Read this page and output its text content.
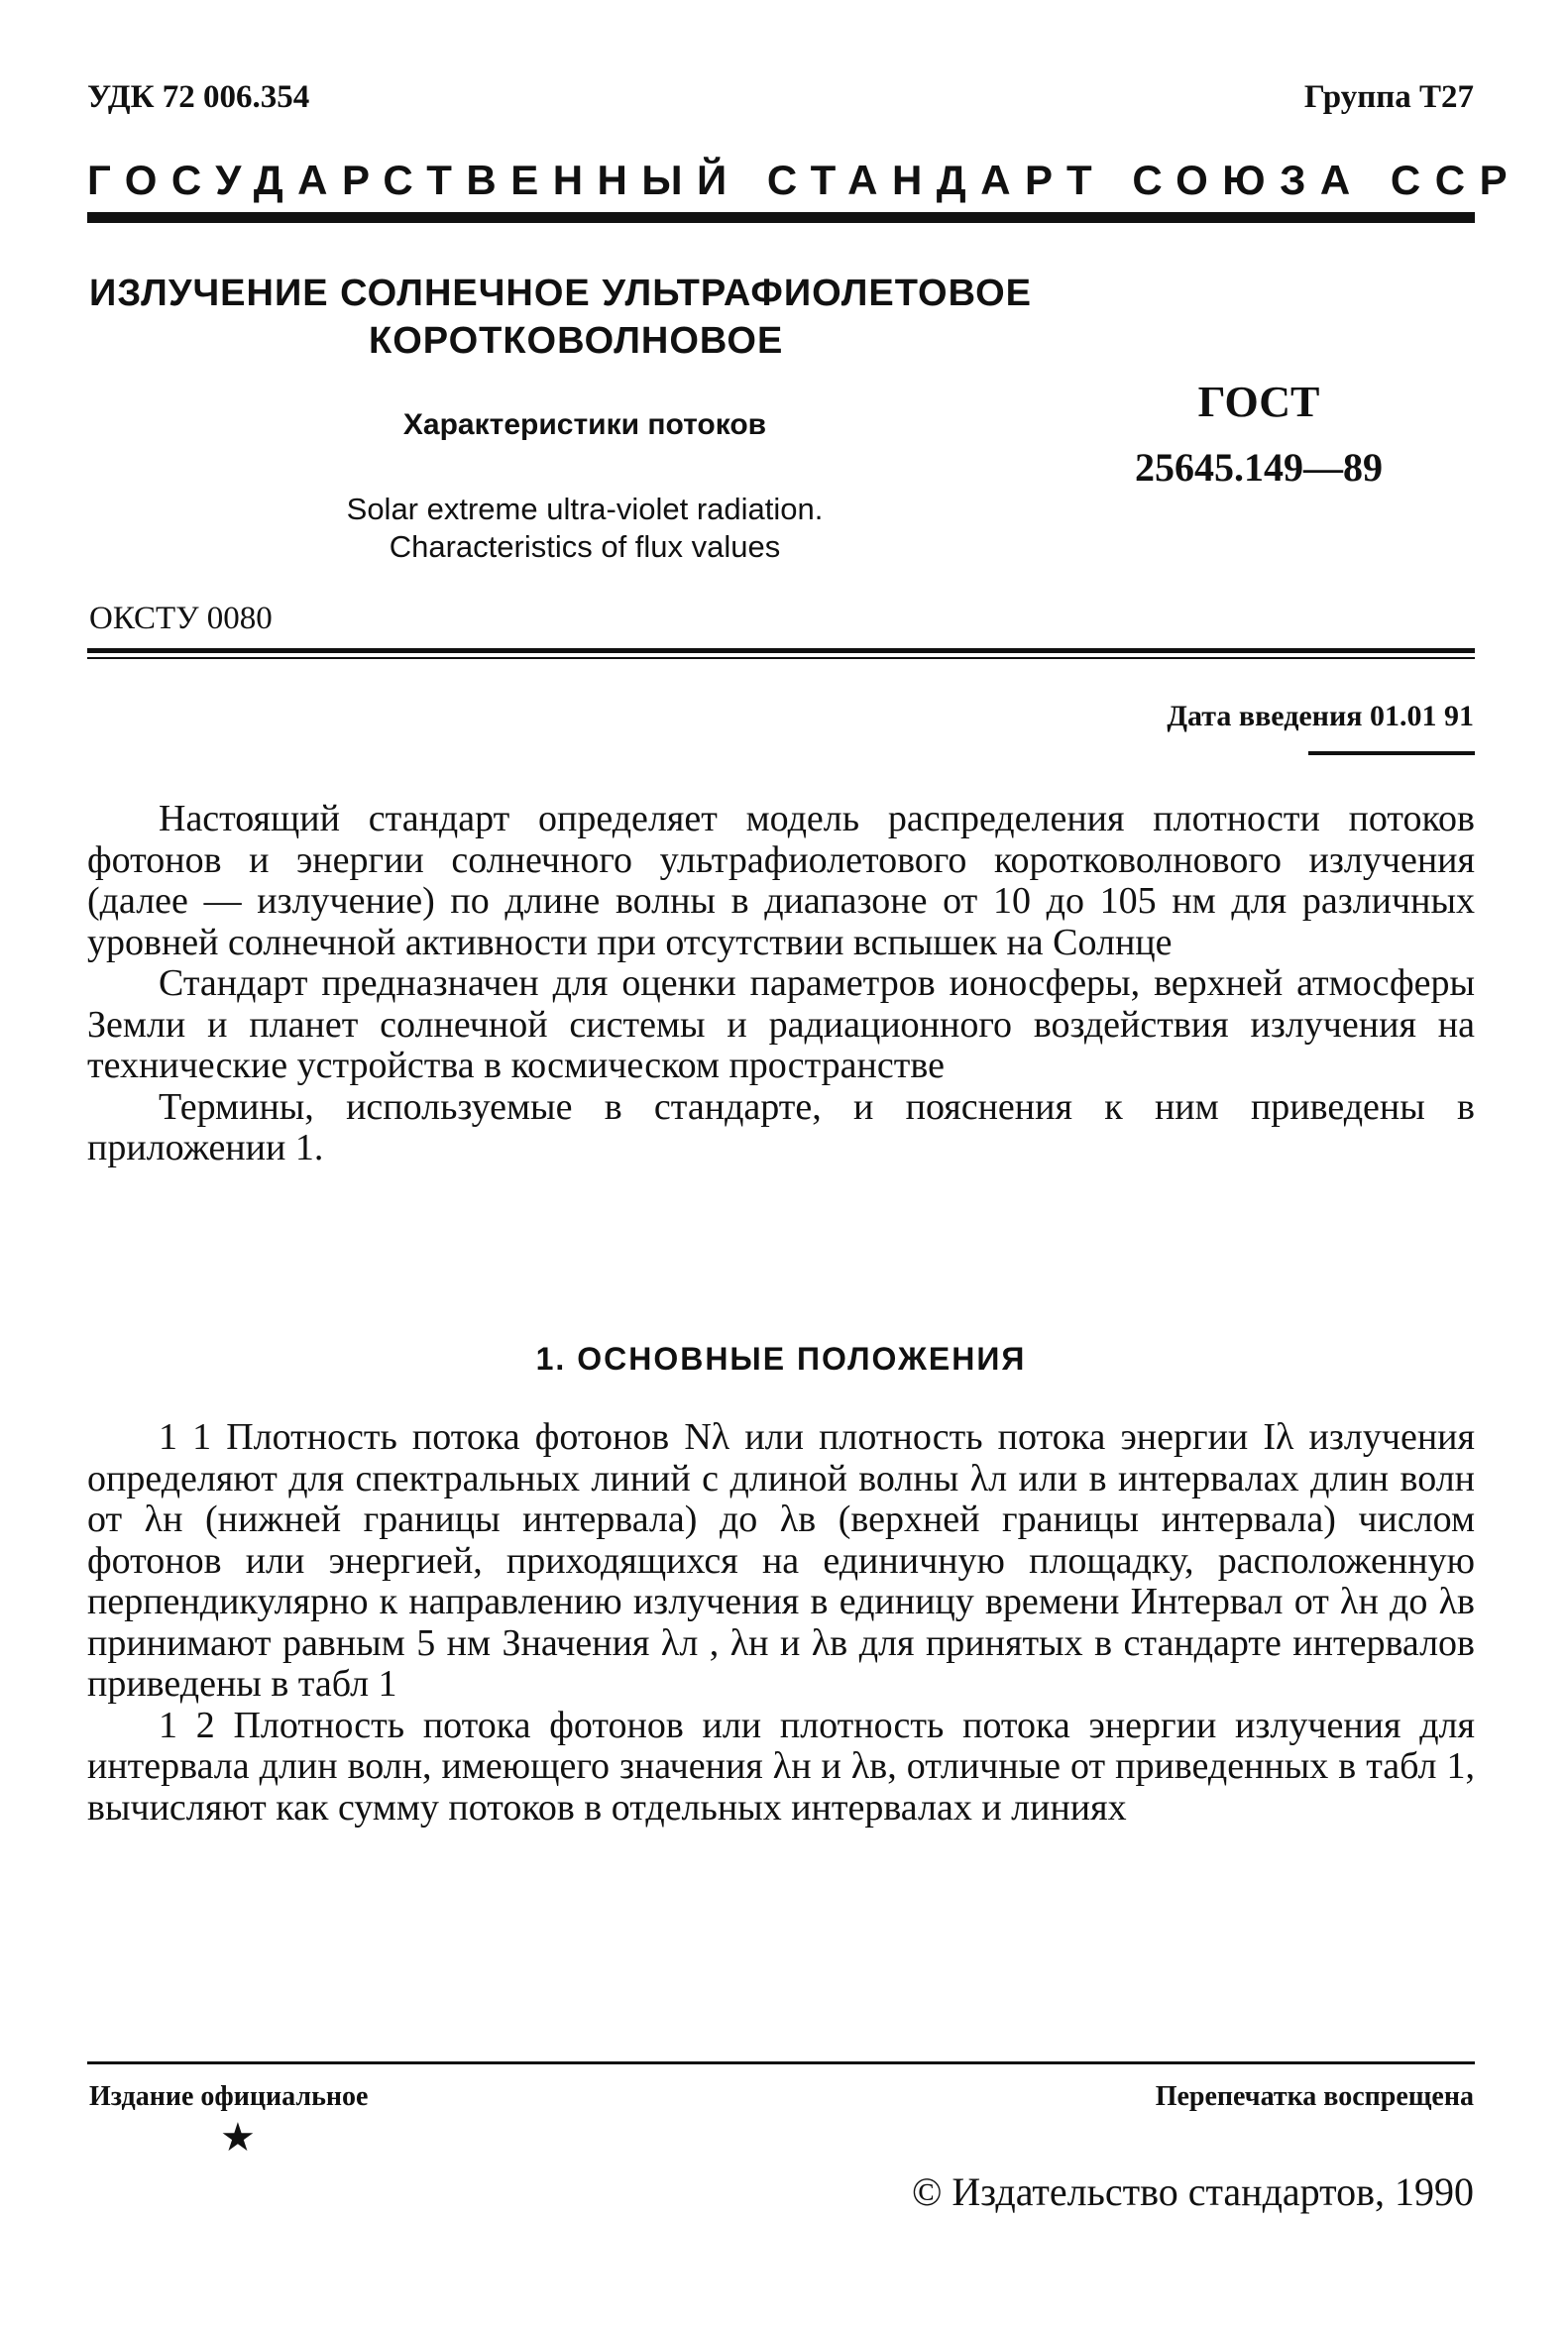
УДК 72 006.354	Группа Т27
ГОСУДАРСТВЕННЫЙ СТАНДАРТ СОЮЗА ССР
ИЗЛУЧЕНИЕ СОЛНЕЧНОЕ УЛЬТРАФИОЛЕТОВОЕ
КОРОТКОВОЛНОВОЕ
Характеристики потоков
Solar extreme ultra-violet radiation.
Characteristics of flux values
ГОСТ
25645.149—89
ОКСТУ 0080
Дата введения 01.01 91

Настоящий стандарт определяет модель распределения плотности потоков фотонов и энергии солнечного ультрафиолетового коротковолнового излучения (далее — излучение) по длине волны в диапазоне от 10 до 105 нм для различных уровней солнечной активности при отсутствии вспышек на Солнце

Стандарт предназначен для оценки параметров ионосферы, верхней атмосферы Земли и планет солнечной системы и радиационного воздействия излучения на технические устройства в космическом пространстве

Термины, используемые в стандарте, и пояснения к ним приведены в приложении 1.

1. ОСНОВНЫЕ ПОЛОЖЕНИЯ

1 1 Плотность потока фотонов Nλ или плотность потока энергии Iλ излучения определяют для спектральных линий с длиной волны λл или в интервалах длин волн от λн (нижней границы интервала) до λв (верхней границы интервала) числом фотонов или энергией, приходящихся на единичную площадку, расположенную перпендикулярно к направлению излучения в единицу времени Интервал от λн до λв принимают равным 5 нм Значения λл , λн и λв для принятых в стандарте интервалов приведены в табл 1

1 2 Плотность потока фотонов или плотность потока энергии излучения для интервала длин волн, имеющего значения λн и λв, отличные от приведенных в табл 1, вычисляют как сумму потоков в отдельных интервалах и линиях

Издание официальное	Перепечатка воспрещена
★
© Издательство стандартов, 1990
